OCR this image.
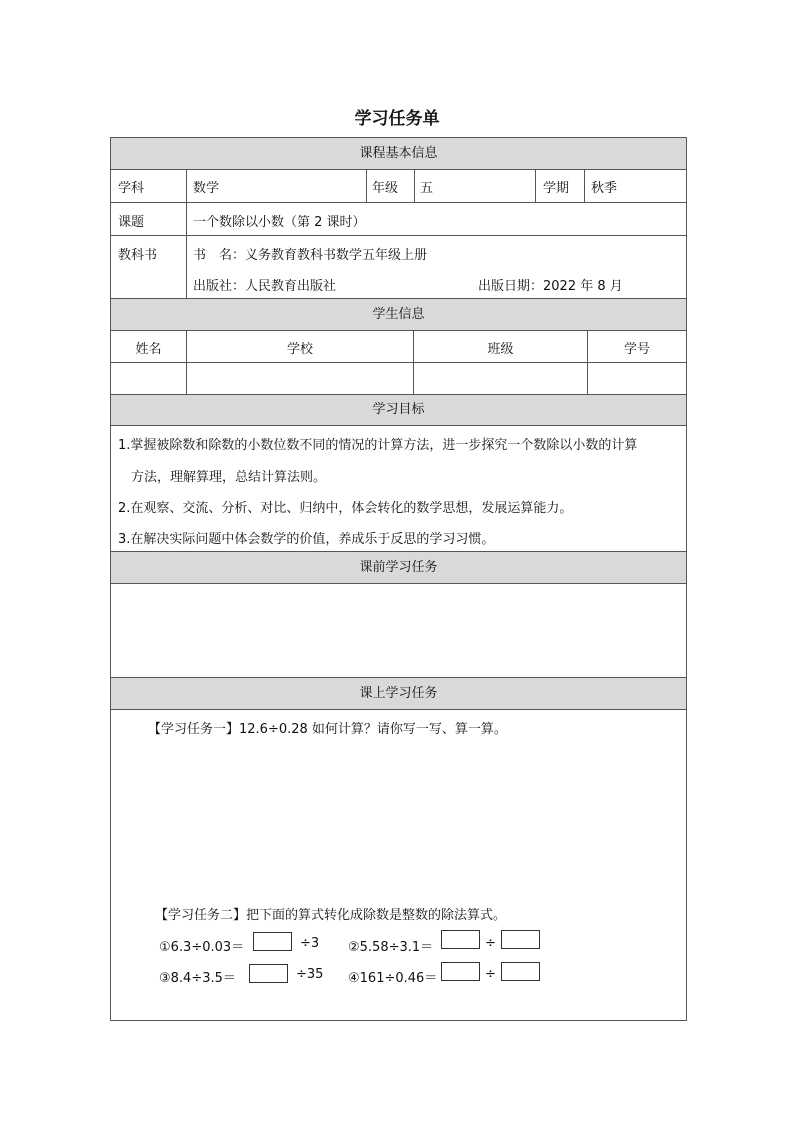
学习任务单
课程基本信息
学生信息
学习目标
课前学习任务
课上学习任务
学科	数学	年级 五	学期 秋季
课题	一个数除以小数（第 2 课时）
教科书	书　名：义务教育教科书数学五年级上册
出版社：人民教育出版社	出版日期：2022 年 8 月
姓名	学校	班级	学号
1.掌握被除数和除数的小数位数不同的情况的计算方法，进一步探究一个数除以小数的计算
方法，理解算理，总结计算法则。
2.在观察、交流、分析、对比、归纳中，体会转化的数学思想，发展运算能力。
3.在解决实际问题中体会数学的价值，养成乐于反思的学习习惯。
【学习任务一】12.6÷0.28 如何计算？请你写一写、算一算。
【学习任务二】把下面的算式转化成除数是整数的除法算式。
①6.3÷0.03＝	÷3 ②5.58÷3.1＝	÷
③8.4÷3.5＝	÷35 ④161÷0.46＝	÷
